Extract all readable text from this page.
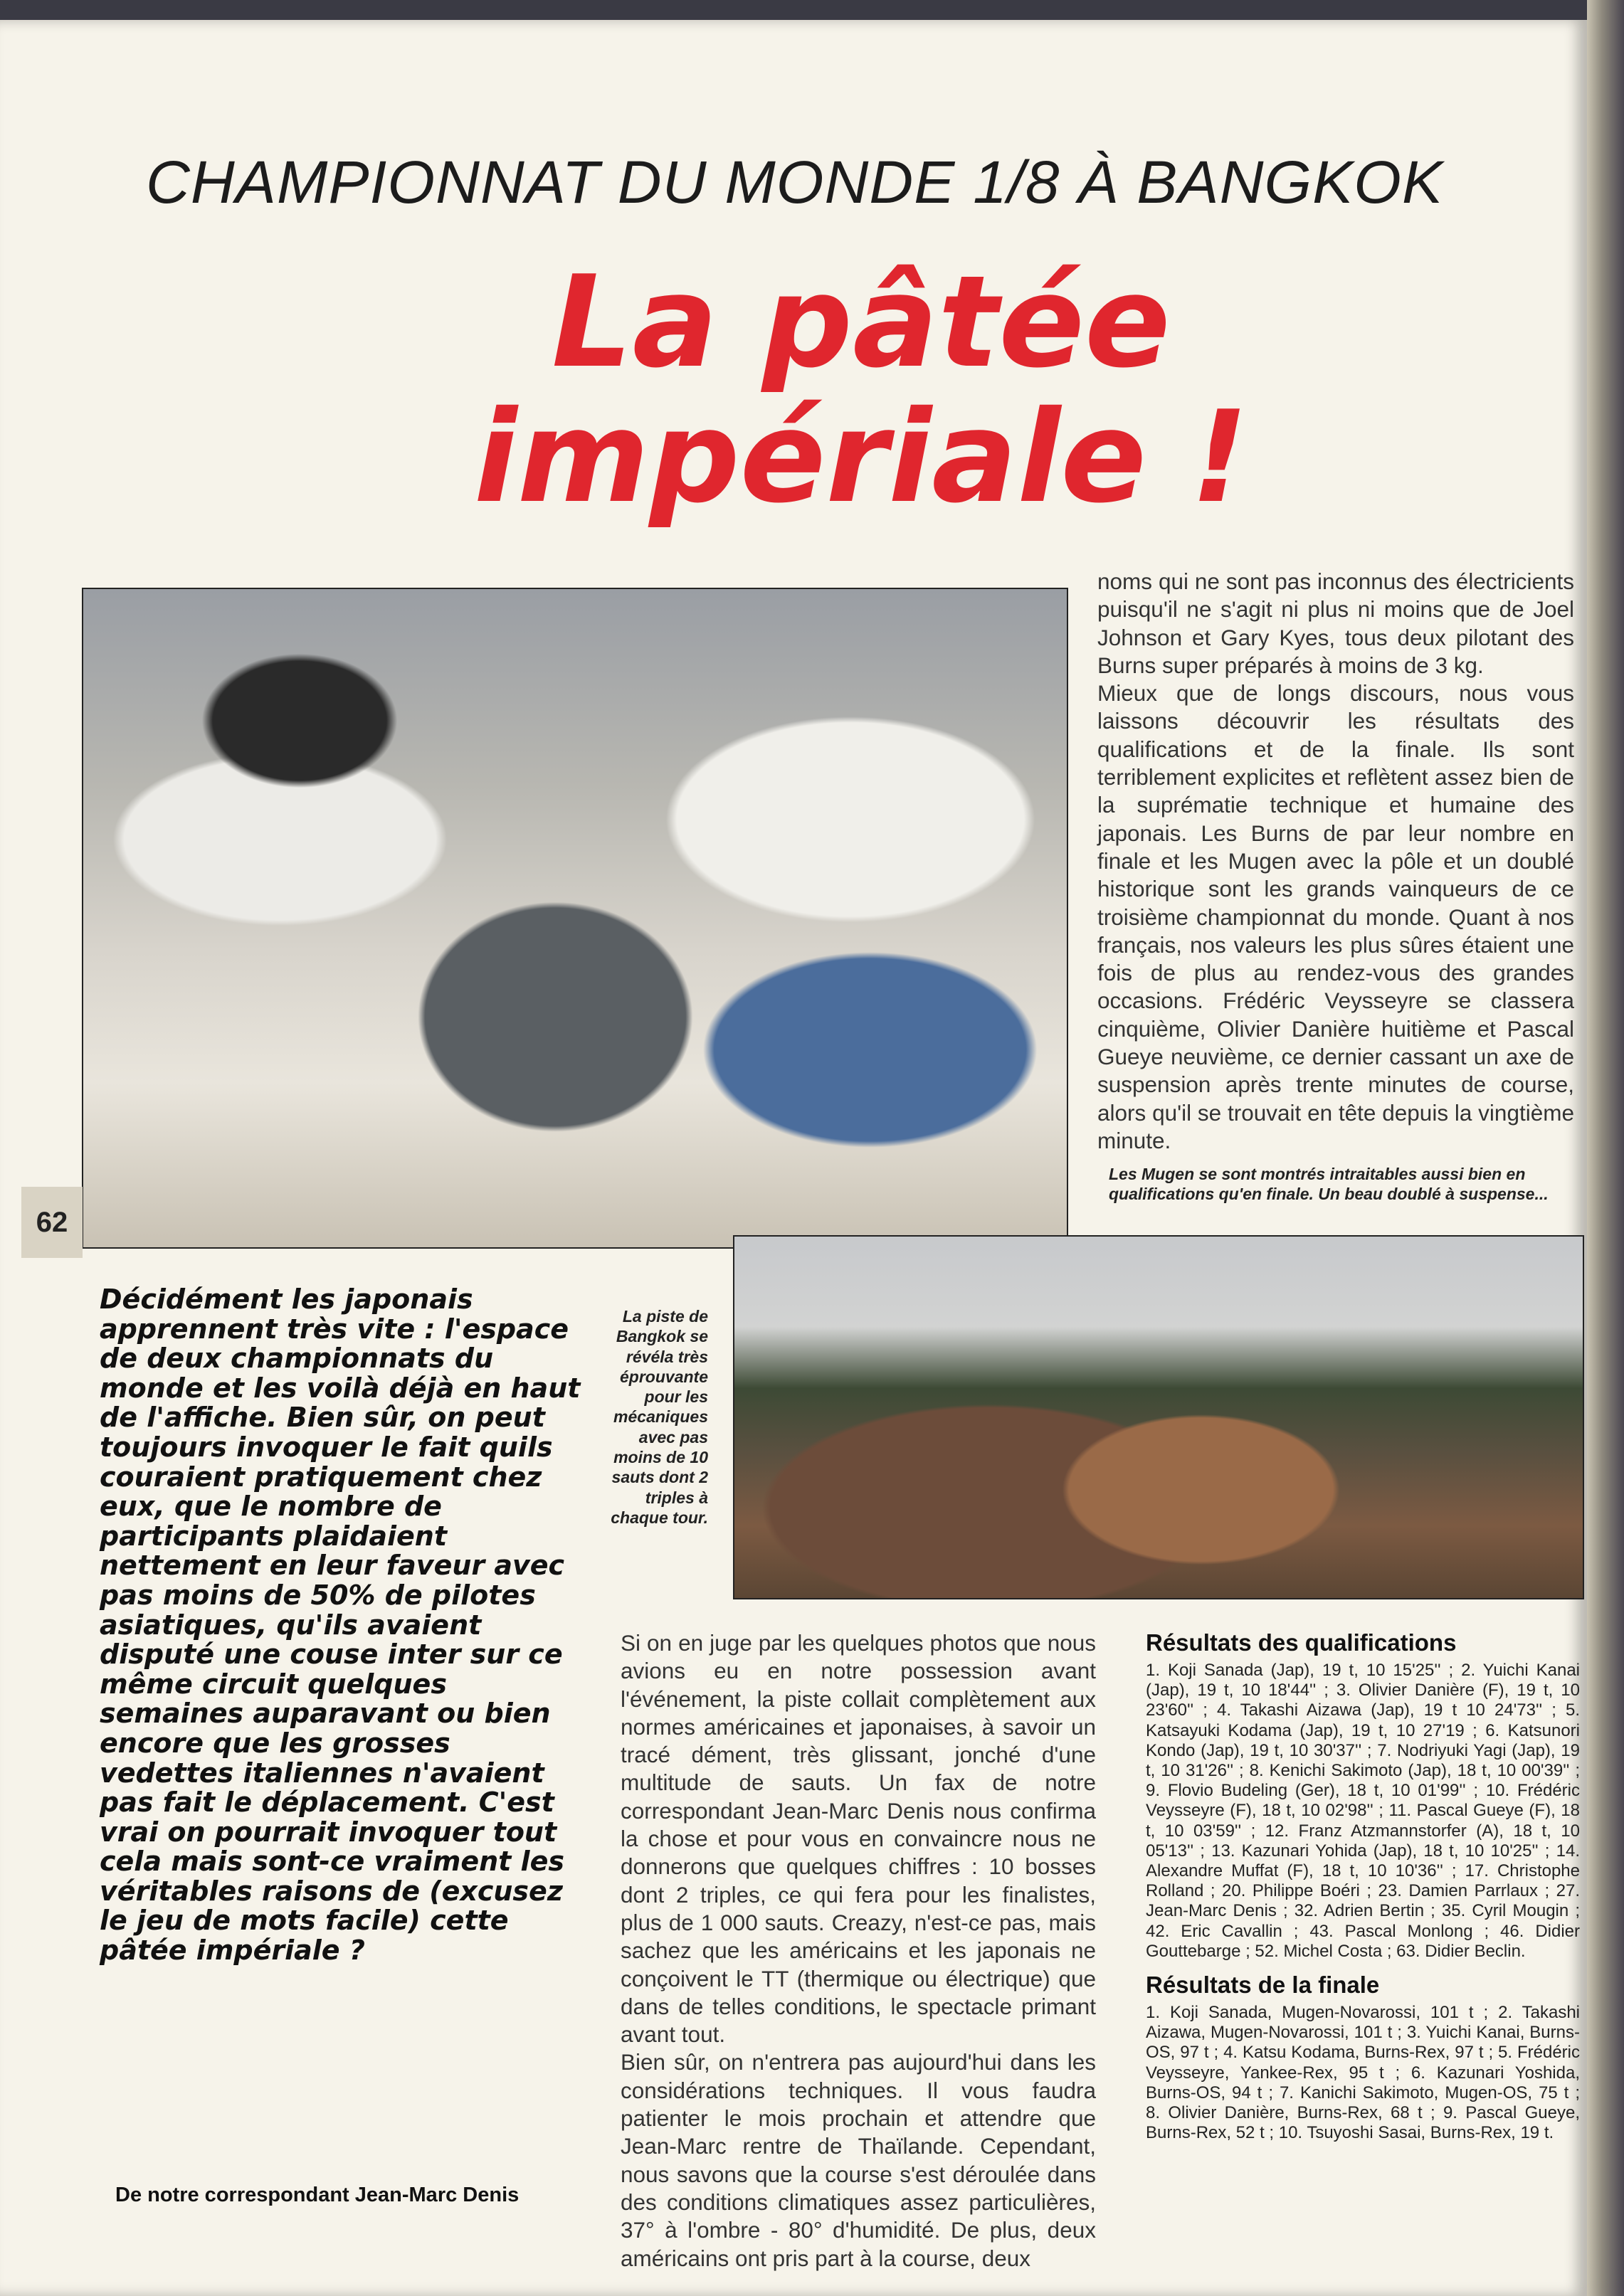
CHAMPIONNAT DU MONDE 1/8 À BANGKOK
La pâtée
impériale !
62
noms qui ne sont pas inconnus des électricients puisqu'il ne s'agit ni plus ni moins que de Joel Johnson et Gary Kyes, tous deux pilotant des Burns super préparés à moins de 3 kg.
Mieux que de longs discours, nous vous laissons découvrir les résultats des qualifications et de la finale. Ils sont terriblement explicites et reflètent assez bien de la suprématie technique et humaine des japonais. Les Burns de par leur nombre en finale et les Mugen avec la pôle et un doublé historique sont les grands vainqueurs de ce troisième championnat du monde. Quant à nos français, nos valeurs les plus sûres étaient une fois de plus au rendez-vous des grandes occasions. Frédéric Veysseyre se classera cinquième, Olivier Danière huitième et Pascal Gueye neuvième, ce dernier cassant un axe de suspension après trente minutes de course, alors qu'il se trouvait en tête depuis la vingtième minute.
Les Mugen se sont montrés intraitables aussi bien en qualifications qu'en finale. Un beau doublé à suspense...
Décidément les japonais apprennent très vite : l'espace de deux championnats du monde et les voilà déjà en haut de l'affiche. Bien sûr, on peut toujours invoquer le fait quils couraient pratiquement chez eux, que le nombre de participants plaidaient nettement en leur faveur avec pas moins de 50% de pilotes asiatiques, qu'ils avaient disputé une couse inter sur ce même circuit quelques semaines auparavant ou bien encore que les grosses vedettes italiennes n'avaient pas fait le déplacement. C'est vrai on pourrait invoquer tout cela mais sont-ce vraiment les véritables raisons de (excusez le jeu de mots facile) cette pâtée impériale ?
La piste de Bangkok se révéla très éprouvante pour les mécaniques avec pas moins de 10 sauts dont 2 triples à chaque tour.
Si on en juge par les quelques photos que nous avions eu en notre possession avant l'événement, la piste collait complètement aux normes américaines et japonaises, à savoir un tracé dément, très glissant, jonché d'une multitude de sauts. Un fax de notre correspondant Jean-Marc Denis nous confirma la chose et pour vous en convaincre nous ne donnerons que quelques chiffres : 10 bosses dont 2 triples, ce qui fera pour les finalistes, plus de 1 000 sauts. Creazy, n'est-ce pas, mais sachez que les américains et les japonais ne conçoivent le TT (thermique ou électrique) que dans de telles conditions, le spectacle primant avant tout.
Bien sûr, on n'entrera pas aujourd'hui dans les considérations techniques. Il vous faudra patienter le mois prochain et attendre que Jean-Marc rentre de Thaïlande. Cependant, nous savons que la course s'est déroulée dans des conditions climatiques assez particulières, 37° à l'ombre - 80° d'humidité. De plus, deux américains ont pris part à la course, deux
Résultats des qualifications
1. Koji Sanada (Jap), 19 t, 10 15'25'' ; 2. Yuichi Kanai (Jap), 19 t, 10 18'44'' ; 3. Olivier Danière (F), 19 t, 10 23'60'' ; 4. Takashi Aizawa (Jap), 19 t 10 24'73'' ; 5. Katsayuki Kodama (Jap), 19 t, 10 27'19 ; 6. Katsunori Kondo (Jap), 19 t, 10 30'37'' ; 7. Nodriyuki Yagi (Jap), 19 t, 10 31'26'' ; 8. Kenichi Sakimoto (Jap), 18 t, 10 00'39'' ; 9. Flovio Budeling (Ger), 18 t, 10 01'99'' ; 10. Frédéric Veysseyre (F), 18 t, 10 02'98'' ; 11. Pascal Gueye (F), 18 t, 10 03'59'' ; 12. Franz Atzmannstorfer (A), 18 t, 10 05'13'' ; 13. Kazunari Yohida (Jap), 18 t, 10 10'25'' ; 14. Alexandre Muffat (F), 18 t, 10 10'36'' ; 17. Christophe Rolland ; 20. Philippe Boéri ; 23. Damien Parrlaux ; 27. Jean-Marc Denis ; 32. Adrien Bertin ; 35. Cyril Mougin ; 42. Eric Cavallin ; 43. Pascal Monlong ; 46. Didier Gouttebarge ; 52. Michel Costa ; 63. Didier Beclin.
Résultats de la finale
1. Koji Sanada, Mugen-Novarossi, 101 t ; 2. Takashi Aizawa, Mugen-Novarossi, 101 t ; 3. Yuichi Kanai, Burns-OS, 97 t ; 4. Katsu Kodama, Burns-Rex, 97 t ; 5. Frédéric Veysseyre, Yankee-Rex, 95 t ; 6. Kazunari Yoshida, Burns-OS, 94 t ; 7. Kanichi Sakimoto, Mugen-OS, 75 t ; 8. Olivier Danière, Burns-Rex, 68 t ; 9. Pascal Gueye, Burns-Rex, 52 t ; 10. Tsuyoshi Sasai, Burns-Rex, 19 t.
De notre correspondant Jean-Marc Denis
